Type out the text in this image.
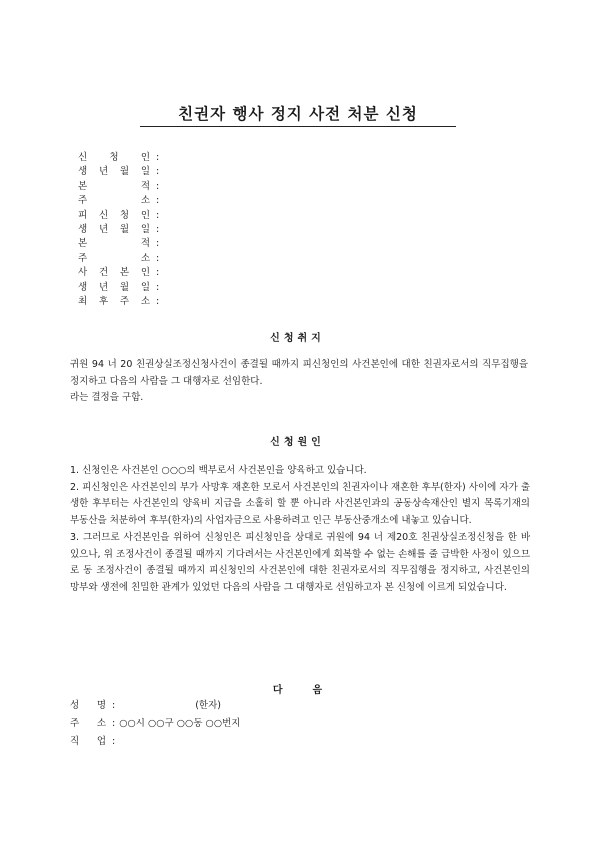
친권자 행사 정지 사전 처분 신청
신 청 인 :
생 년 월 일 :
본	적 :
주	소 :
피 신 청 인 :
생 년 월 일 :
본	적 :
주	소 :
사 건 본 인 :
생 년 월 일 :
최 후 주 소 :
신청취지

귀원 94 너 20 친권상실조정신청사건이 종결될 때까지 피신청인의 사건본인에 대한 친권자로서의 직무집행을 정지하고 다음의 사람을 그 대행자로 선임한다.

라는 결정을 구함.

신청원인

1. 신청인은 사건본인 ○○○의 백부로서 사건본인을 양육하고 있습니다.

2. 피신청인은 사건본인의 부가 사망후 재혼한 모로서 사건본인의 친권자이나 재혼한 후부(한자) 사이에 자가 출생한 후부터는 사건본인의 양육비 지급을 소홀히 할 뿐 아니라 사건본인과의 공동상속재산인 별지 목록기재의 부동산을 처분하여 후부(한자)의 사업자금으로 사용하려고 인근 부동산중개소에 내놓고 있습니다.

3. 그러므로 사건본인을 위하여 신청인은 피신청인을 상대로 귀원에 94 너 제20호 친권상실조정신청을 한 바 있으나, 위 조정사건이 종결될 때까지 기다려서는 사건본인에게 회복할 수 없는 손해를 줄 급박한 사정이 있으므로 동 조정사건이 종결될 때까지 피신청인의 사건본인에 대한 친권자로서의 직무집행을 정지하고, 사건본인의 망부와 생전에 친밀한 관계가 있었던 다음의 사람을 그 대행자로 선임하고자 본 신청에 이르게 되었습니다.

다음
성 명 :	(한자)
주 소 : ○○시 ○○구 ○○동 ○○번지
직 업 :
